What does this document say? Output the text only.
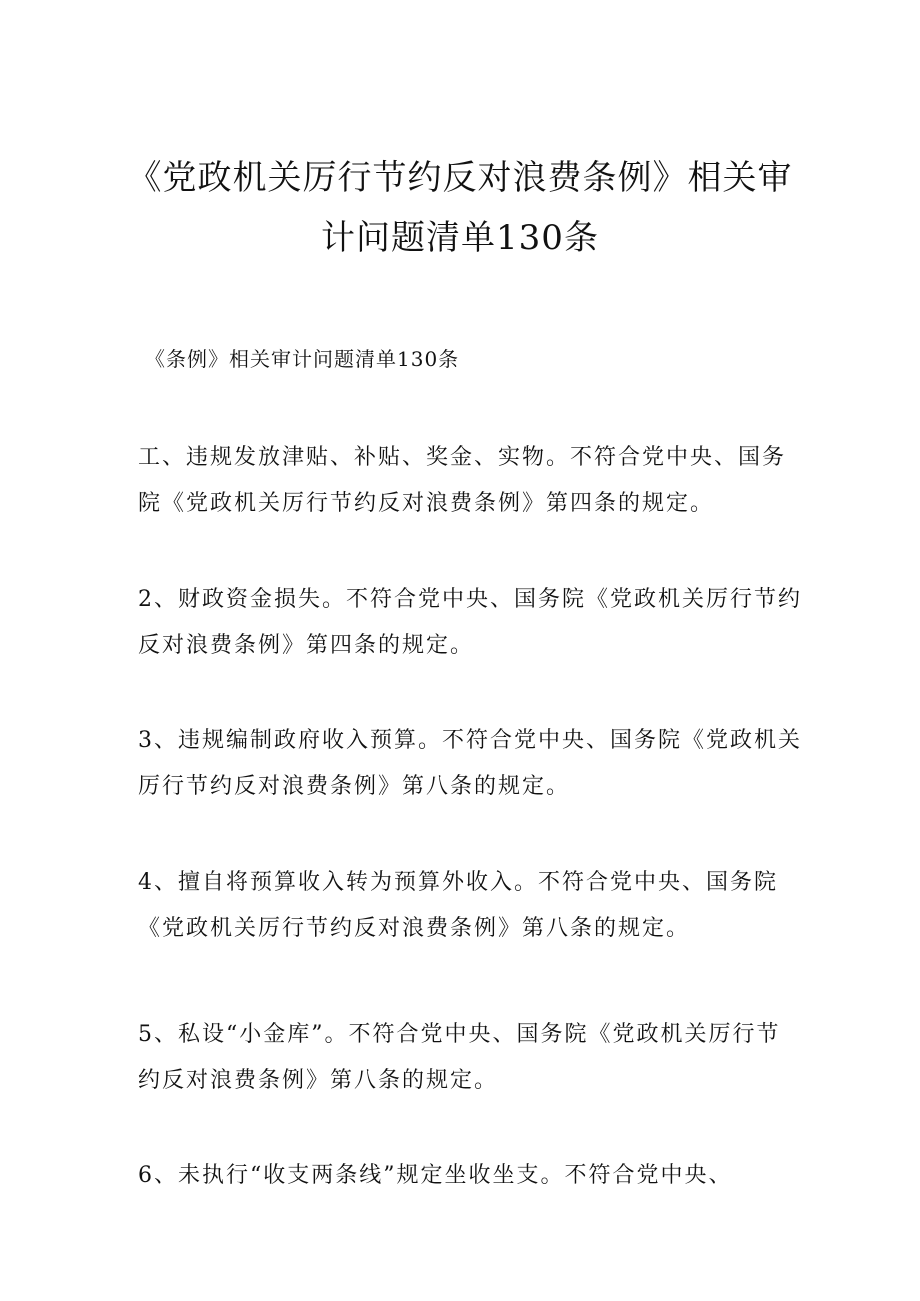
《党政机关厉行节约反对浪费条例》相关审
计问题清单130条
《条例》相关审计问题清单130条
工、违规发放津贴、补贴、奖金、实物。不符合党中央、国务
院《党政机关厉行节约反对浪费条例》第四条的规定。
2、财政资金损失。不符合党中央、国务院《党政机关厉行节约
反对浪费条例》第四条的规定。
3、违规编制政府收入预算。不符合党中央、国务院《党政机关
厉行节约反对浪费条例》第八条的规定。
4、擅自将预算收入转为预算外收入。不符合党中央、国务院
《党政机关厉行节约反对浪费条例》第八条的规定。
5、私设“小金库”。不符合党中央、国务院《党政机关厉行节
约反对浪费条例》第八条的规定。
6、未执行“收支两条线”规定坐收坐支。不符合党中央、
